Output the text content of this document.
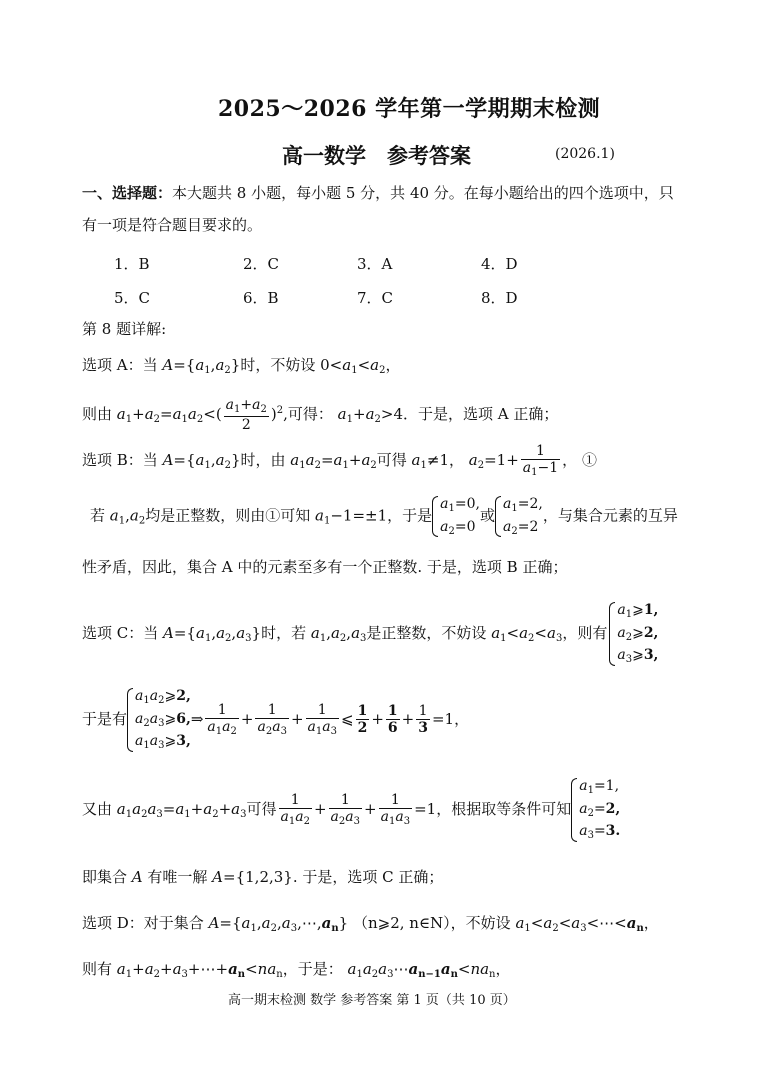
2025～2026 学年第一学期期末检测
高一数学　参考答案	(2026.1)
一、选择题：本大题共 8 小题，每小题 5 分，共 40 分。在每小题给出的四个选项中，只
有一项是符合题目要求的。
1．B	2．C	3．A	4．D
5．C	6．B	7．C	8．D
第 8 题详解:
选项 A：当 $A=\{a_1,a_2\}$时，不妨设 $0<a_1<a_2$，
则由 $a_1+a_2=a_1a_2<( \frac{a_1+a_2}{2} )^2$,可得： $a_1+a_2>4$．于是，选项 A 正确；
选项 B：当 $A=\{a_1,a_2\}$时，由 $a_1a_2=a_1+a_2$可得 $a_1\ne 1$， $a_2=1+ \frac{1}{a_1-1}$ ， ①
若 $a_1,a_2$均是正整数，则由①可知 $a_1-1=\pm 1$，于是
$a_1=0$,
$a_2=0$
或
$a_1=2$,
$a_2=2$
，与集合元素的互异
性矛盾，因此，集合 A 中的元素至多有一个正整数. 于是，选项 B 正确；
选项 C：当 $A=\{a_1,a_2,a_3\}$时，若 $a_1,a_2,a_3$是正整数，不妨设 $a_1<a_2<a_3$，则有
$a_1⩾1$,
$a_2⩾2$,
$a_3⩾3$,
于是有
$a_1a_2⩾2$,
$a_2a_3⩾6$,
$a_1a_3⩾3$,
⇒ $\frac{1}{a_1a_2} + \frac{1}{a_2a_3} + \frac{1}{a_1a_3}$ ⩽ $\frac{1}{2} + \frac{1}{6} + \frac{1}{3} =1$，
又由 $a_1a_2a_3=a_1+a_2+a_3$可得 $\frac{1}{a_1a_2} + \frac{1}{a_2a_3} + \frac{1}{a_1a_3} =1$，根据取等条件可知
$a_1=1$,
$a_2=2$,
$a_3=3$.
即集合 A 有唯一解 A={1,2,3}. 于是，选项 C 正确；
选项 D：对于集合 $A=\{a_1,a_2,a_3,\cdots,a_n\}$ （n⩾2, n∈N），不妨设 $a_1<a_2<a_3<\cdots<a_n$，
则有 $a_1+a_2+a_3+\cdots+a_n<na_n$，于是： $a_1a_2a_3\cdots a_{n-1}a_n<na_n$，
高一期末检测 数学 参考答案 第 1 页（共 10 页）
